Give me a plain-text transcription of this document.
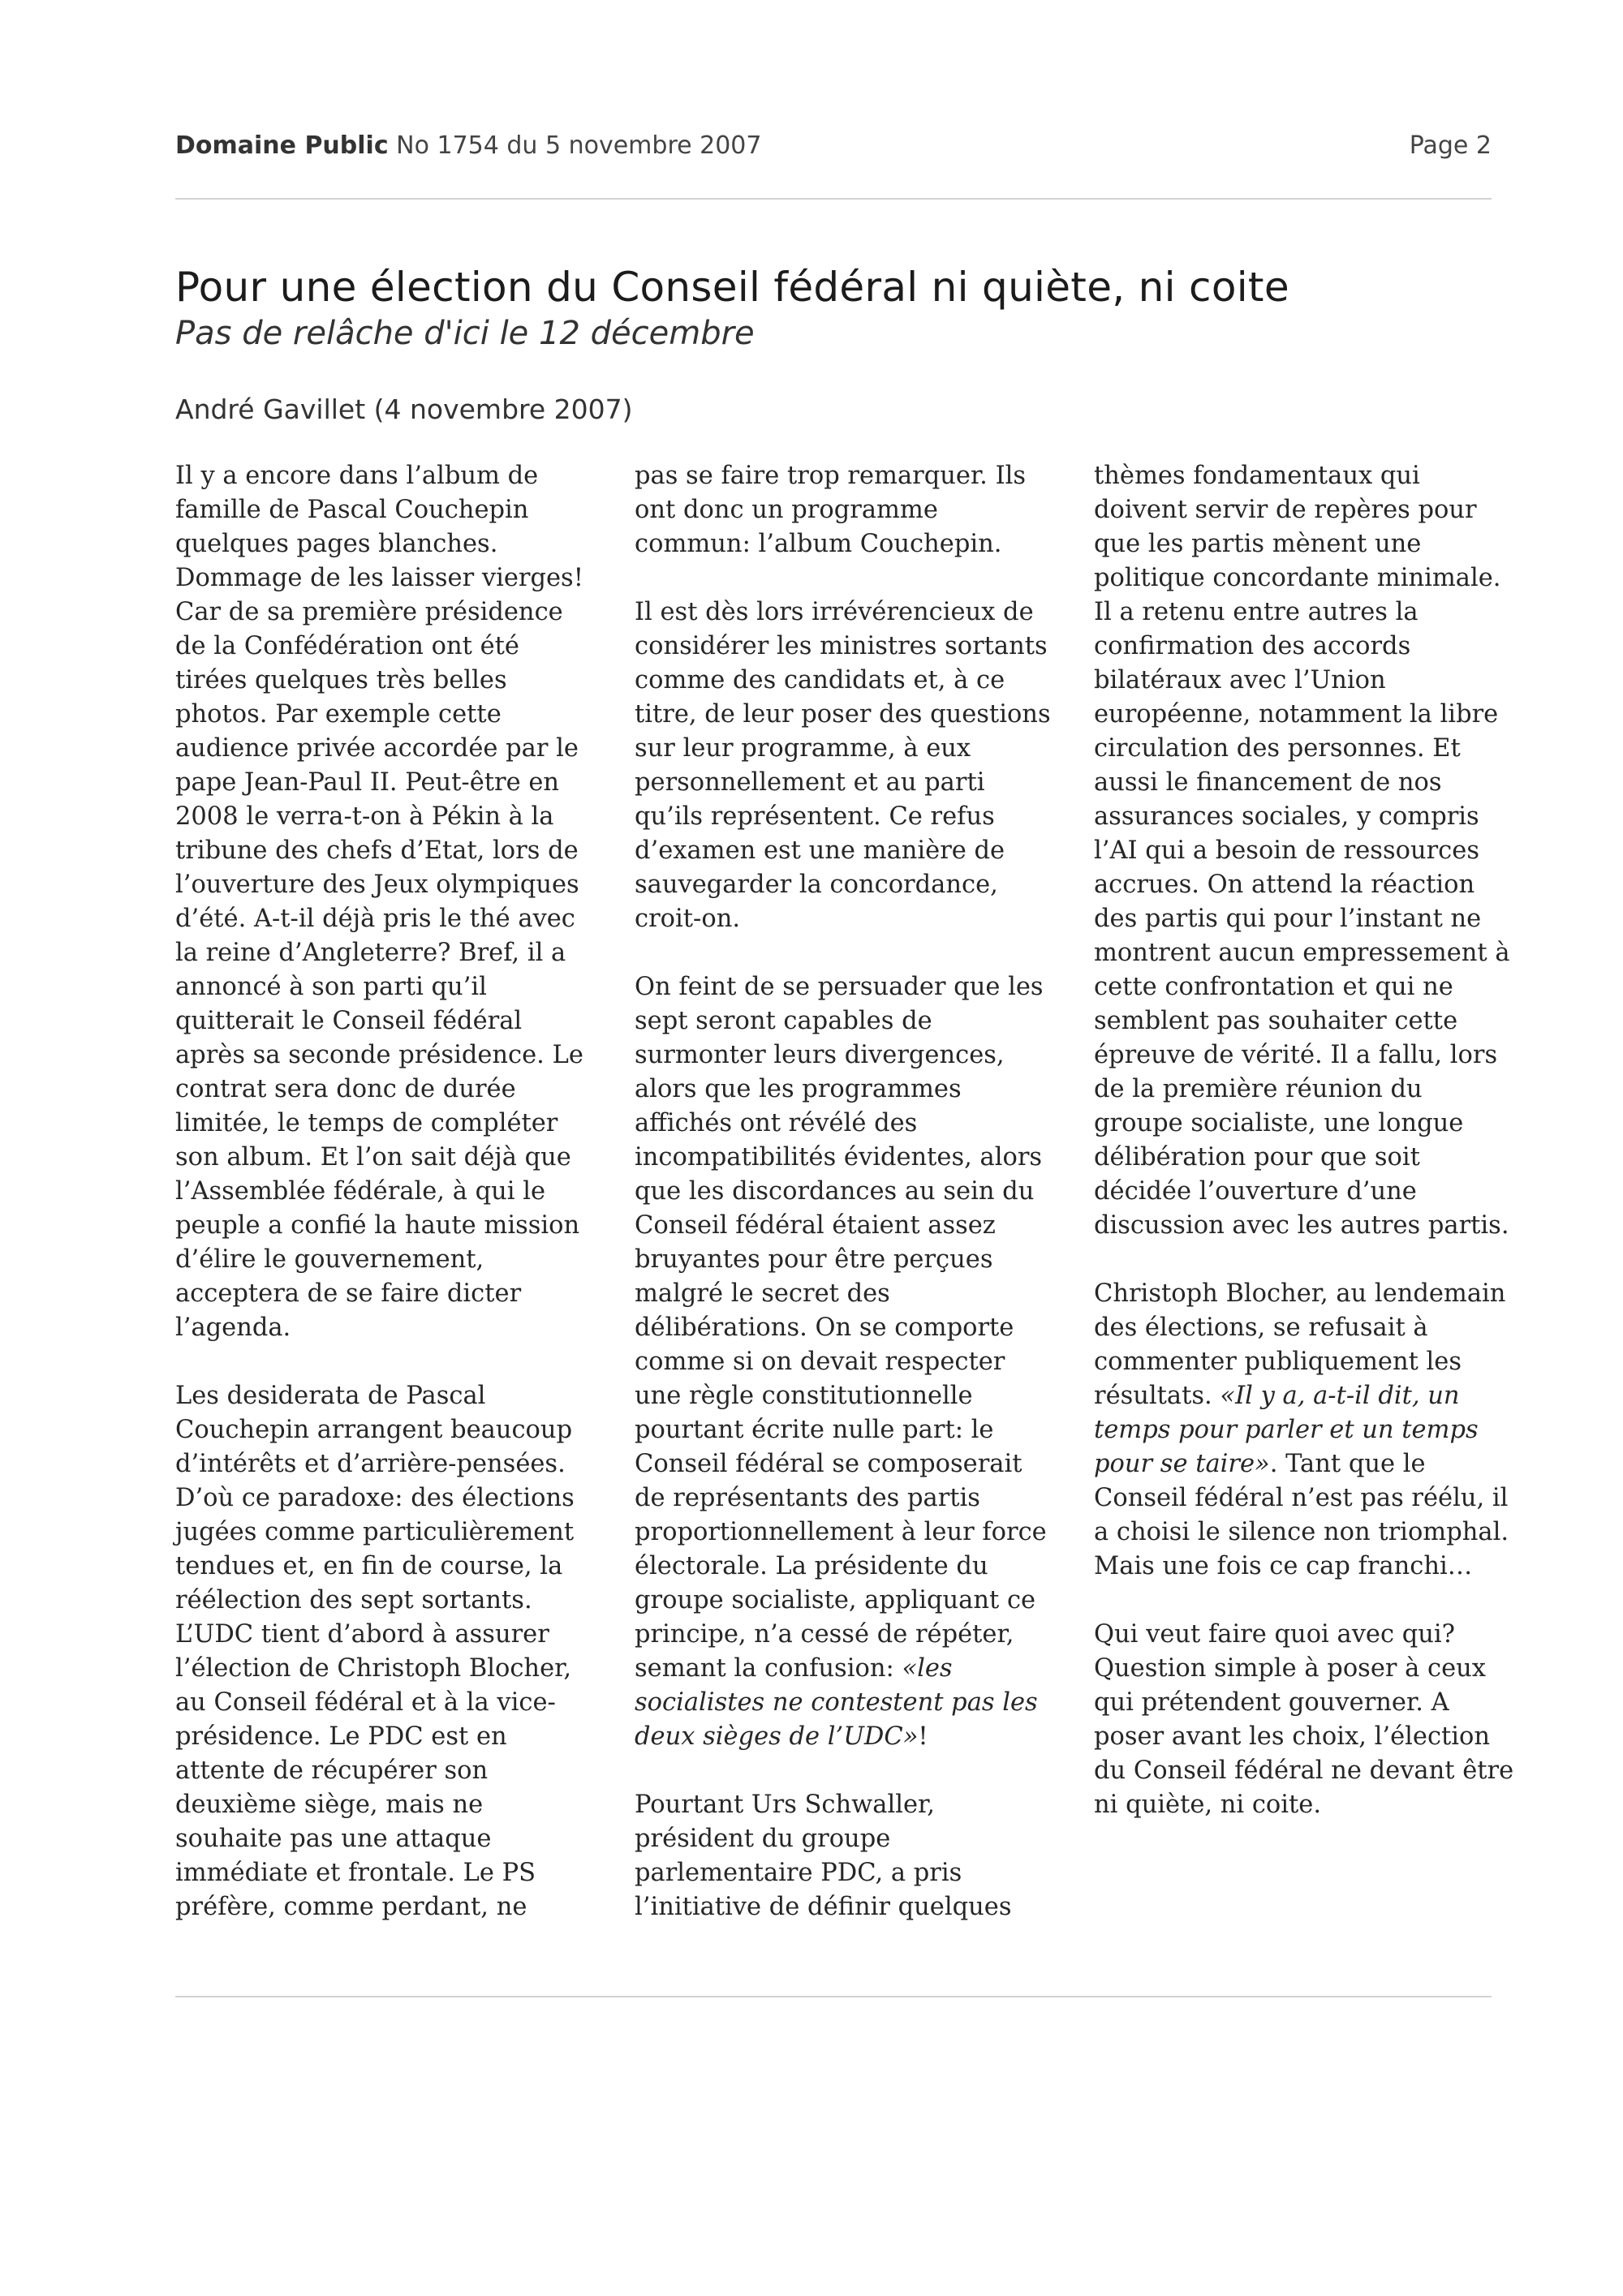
Domaine Public No 1754 du 5 novembre 2007	Page 2
Pour une élection du Conseil fédéral ni quiète, ni coite
Pas de relâche d'ici le 12 décembre
André Gavillet (4 novembre 2007)

Il y a encore dans l’album de famille de Pascal Couchepin quelques pages blanches. Dommage de les laisser vierges! Car de sa première présidence de la Confédération ont été tirées quelques très belles photos. Par exemple cette audience privée accordée par le pape Jean-Paul II. Peut-être en 2008 le verra-t-on à Pékin à la tribune des chefs d’Etat, lors de l’ouverture des Jeux olympiques d’été. A-t-il déjà pris le thé avec la reine d’Angleterre? Bref, il a annoncé à son parti qu’il quitterait le Conseil fédéral après sa seconde présidence. Le contrat sera donc de durée limitée, le temps de compléter son album. Et l’on sait déjà que l’Assemblée fédérale, à qui le peuple a confié la haute mission d’élire le gouvernement, acceptera de se faire dicter l’agenda.

Les desiderata de Pascal Couchepin arrangent beaucoup d’intérêts et d’arrière-pensées. D’où ce paradoxe: des élections jugées comme particulièrement tendues et, en fin de course, la réélection des sept sortants. L’UDC tient d’abord à assurer l’élection de Christoph Blocher, au Conseil fédéral et à la vice-présidence. Le PDC est en attente de récupérer son deuxième siège, mais ne souhaite pas une attaque immédiate et frontale. Le PS préfère, comme perdant, ne

pas se faire trop remarquer. Ils ont donc un programme commun: l’album Couchepin.

Il est dès lors irrévérencieux de considérer les ministres sortants comme des candidats et, à ce titre, de leur poser des questions sur leur programme, à eux personnellement et au parti qu’ils représentent. Ce refus d’examen est une manière de sauvegarder la concordance, croit-on.

On feint de se persuader que les sept seront capables de surmonter leurs divergences, alors que les programmes affichés ont révélé des incompatibilités évidentes, alors que les discordances au sein du Conseil fédéral étaient assez bruyantes pour être perçues malgré le secret des délibérations. On se comporte comme si on devait respecter une règle constitutionnelle pourtant écrite nulle part: le Conseil fédéral se composerait de représentants des partis proportionnellement à leur force électorale. La présidente du groupe socialiste, appliquant ce principe, n’a cessé de répéter, semant la confusion: «les socialistes ne contestent pas les deux sièges de l’UDC»!

Pourtant Urs Schwaller, président du groupe parlementaire PDC, a pris l’initiative de définir quelques

thèmes fondamentaux qui doivent servir de repères pour que les partis mènent une politique concordante minimale. Il a retenu entre autres la confirmation des accords bilatéraux avec l’Union européenne, notamment la libre circulation des personnes. Et aussi le financement de nos assurances sociales, y compris l’AI qui a besoin de ressources accrues. On attend la réaction des partis qui pour l’instant ne montrent aucun empressement à cette confrontation et qui ne semblent pas souhaiter cette épreuve de vérité. Il a fallu, lors de la première réunion du groupe socialiste, une longue délibération pour que soit décidée l’ouverture d’une discussion avec les autres partis.

Christoph Blocher, au lendemain des élections, se refusait à commenter publiquement les résultats. «Il y a, a-t-il dit, un temps pour parler et un temps pour se taire». Tant que le Conseil fédéral n’est pas réélu, il a choisi le silence non triomphal. Mais une fois ce cap franchi…

Qui veut faire quoi avec qui? Question simple à poser à ceux qui prétendent gouverner. A poser avant les choix, l’élection du Conseil fédéral ne devant être ni quiète, ni coite.
